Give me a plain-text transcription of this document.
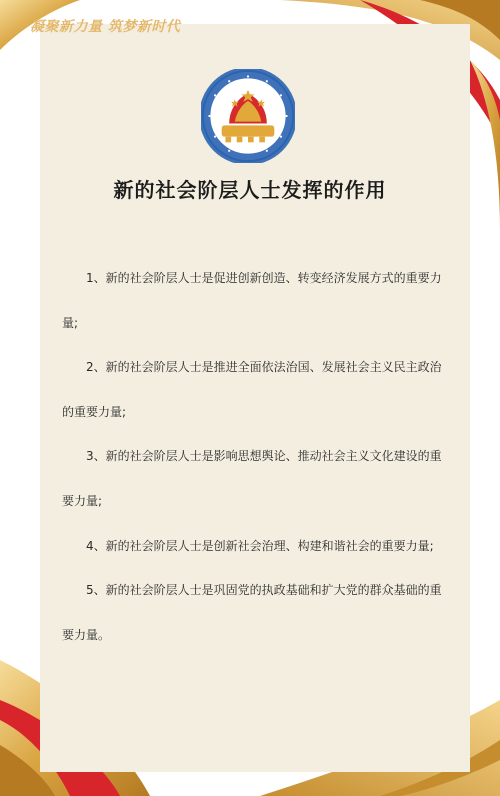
凝聚新力量 筑梦新时代
新的社会阶层人士发挥的作用
1、新的社会阶层人士是促进创新创造、转变经济发展方式的重要力量;
2、新的社会阶层人士是推进全面依法治国、发展社会主义民主政治的重要力量;
3、新的社会阶层人士是影响思想舆论、推动社会主义文化建设的重要力量;
4、新的社会阶层人士是创新社会治理、构建和谐社会的重要力量;
5、新的社会阶层人士是巩固党的执政基础和扩大党的群众基础的重要力量。
